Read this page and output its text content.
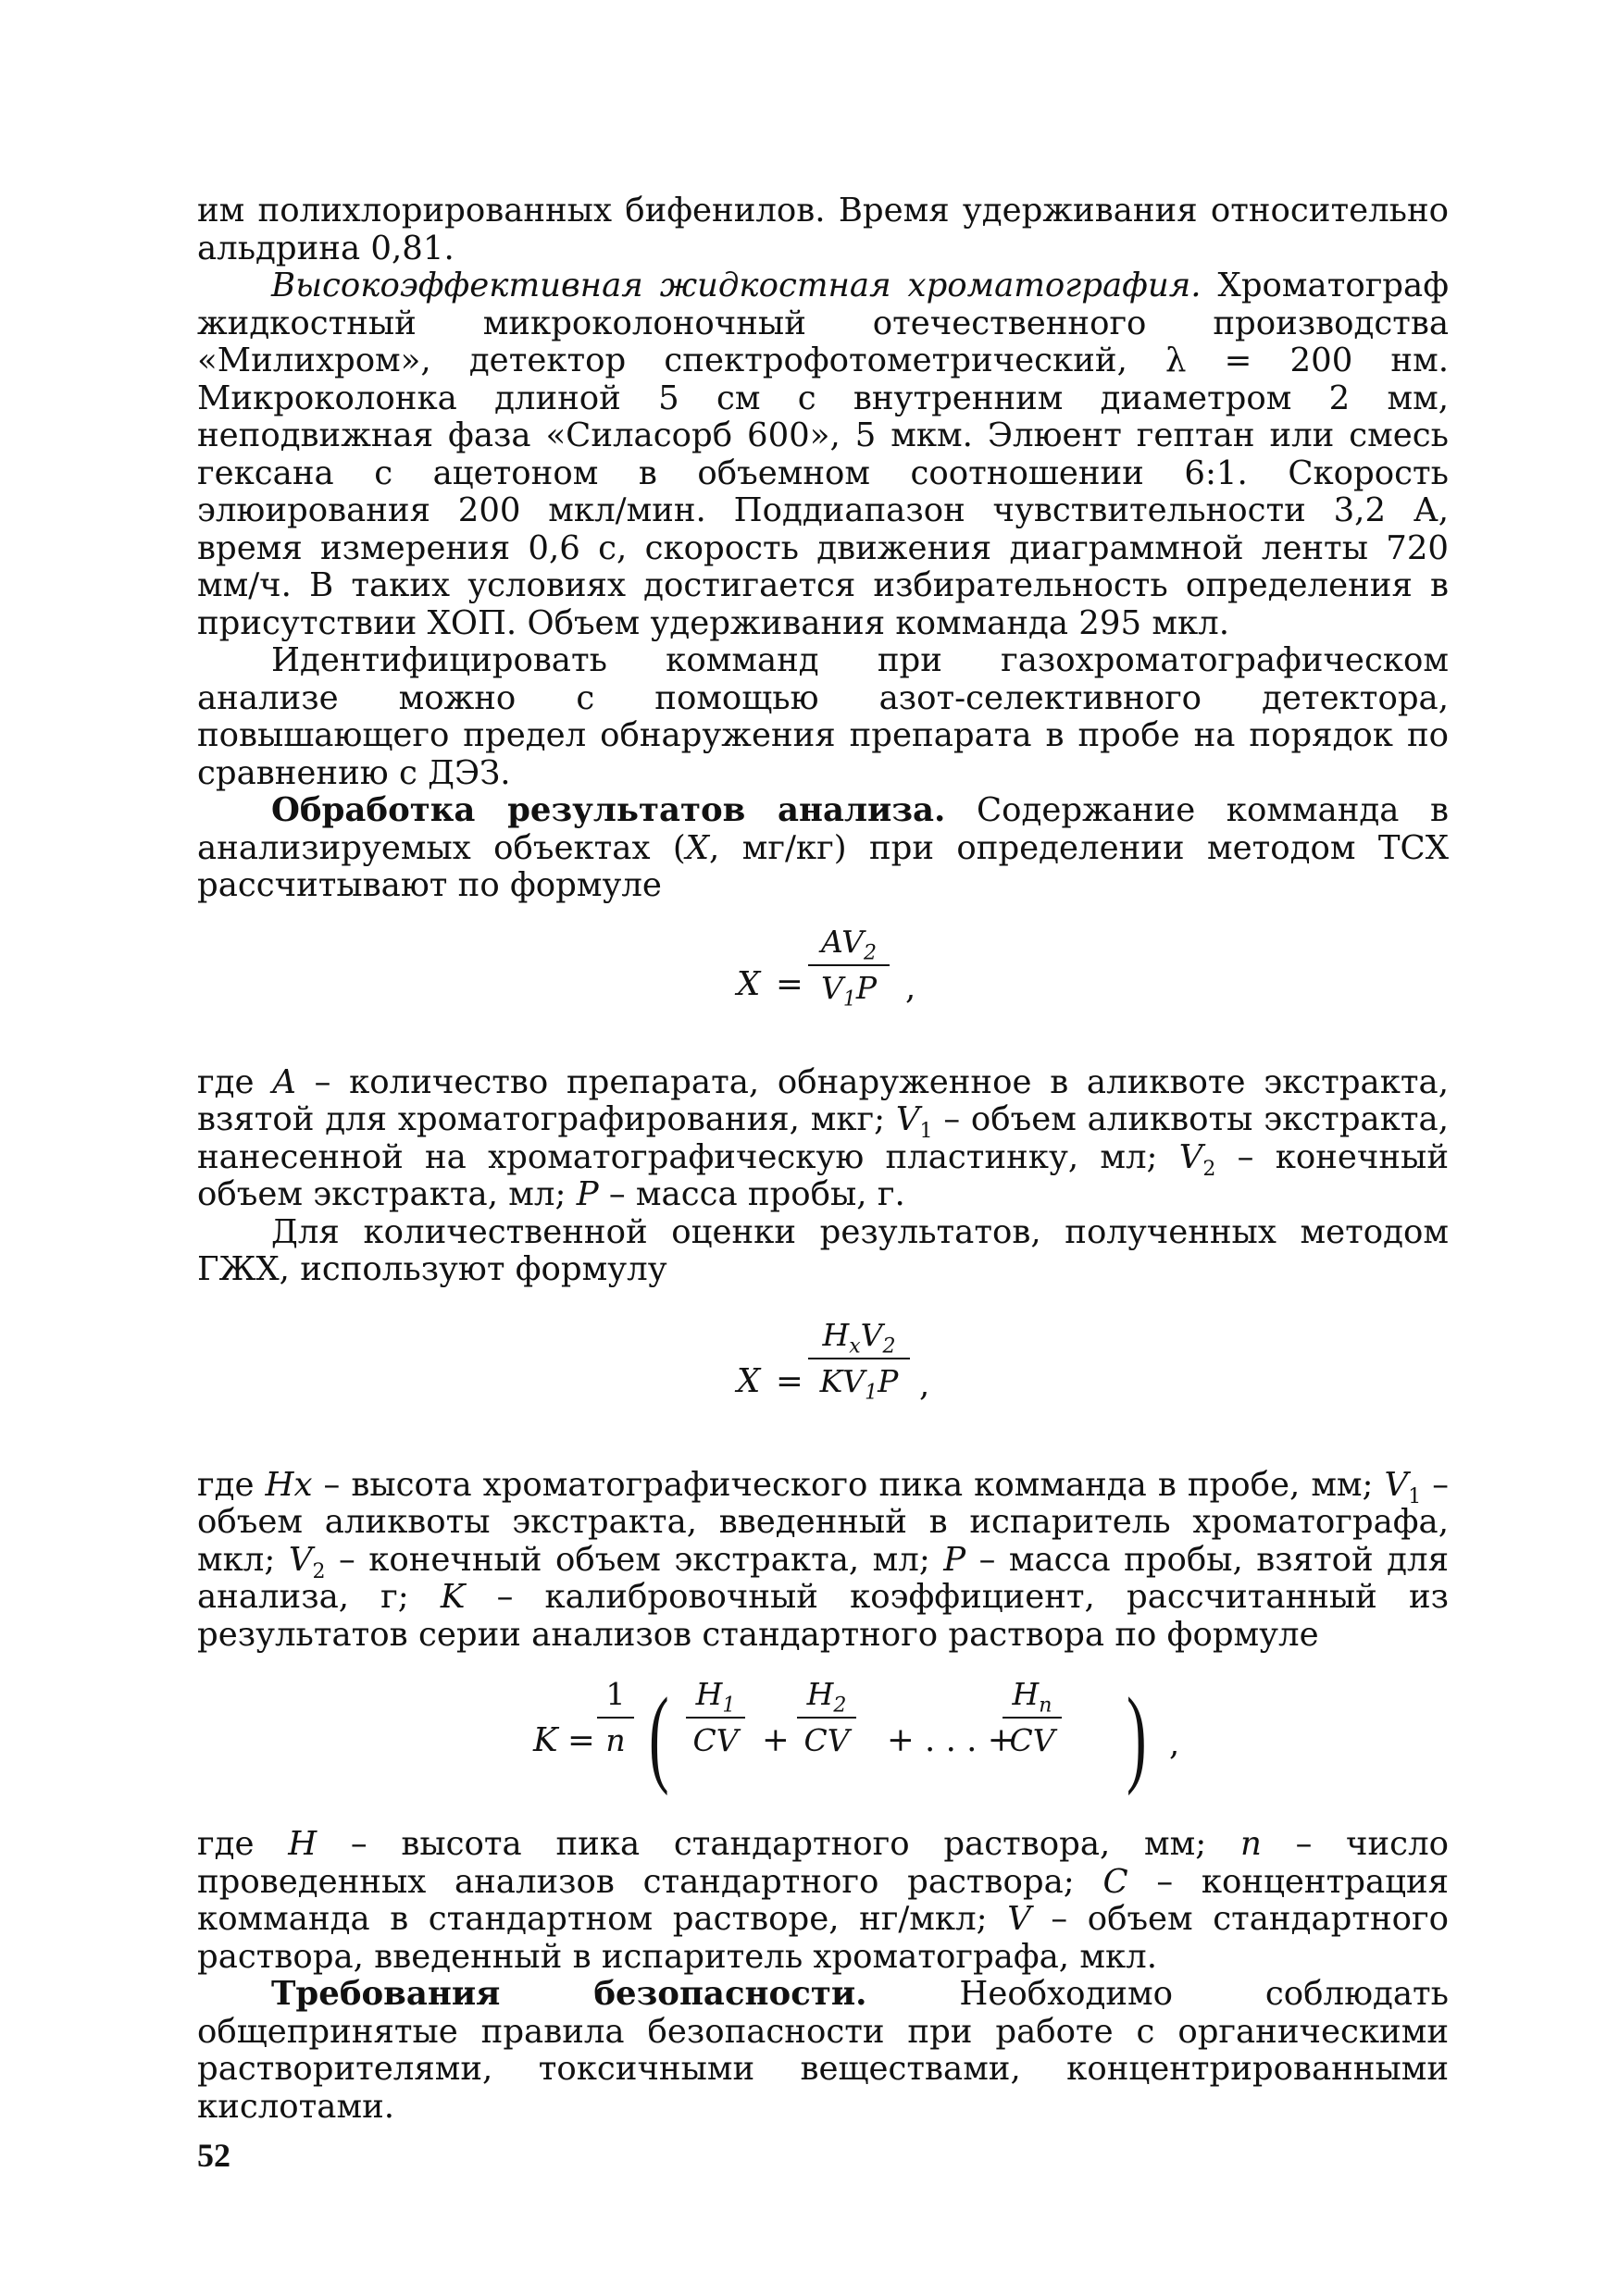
им полихлорированных бифенилов. Время удерживания относительно альдрина 0,81.

Высокоэффективная жидкостная хроматография. Хроматограф жидкостный микроколоночный отечественного производства «Милихром», детектор спектрофотометрический, λ = 200 нм. Микроколонка длиной 5 см с внутренним диаметром 2 мм, неподвижная фаза «Силасорб 600», 5 мкм. Элюент гептан или смесь гексана с ацетоном в объемном соотношении 6:1. Скорость элюирования 200 мкл/мин. Поддиапазон чувствительности 3,2 А, время измерения 0,6 с, скорость движения диаграммной ленты 720 мм/ч. В таких условиях достигается избирательность определения в присутствии ХОП. Объем удерживания комманда 295 мкл.

Идентифицировать комманд при газохроматографическом анализе можно с помощью азот-селективного детектора, повышающего предел обнаружения препарата в пробе на порядок по сравнению с ДЭЗ.

Обработка результатов анализа. Содержание комманда в анализируемых объектах (X, мг/кг) при определении методом ТСХ рассчитывают по формуле

X =
$AV_2$
$V_1P$ ,

где A – количество препарата, обнаруженное в аликвоте экстракта, взятой для хроматографирования, мкг; $V_1$ – объем аликвоты экстракта, нанесенной на хроматографическую пластинку, мл; $V_2$ – конечный объем экстракта, мл; P – масса пробы, г.

Для количественной оценки результатов, полученных методом ГЖХ, используют формулу

X =
$H_xV_2$
$KV_1P$ ,

где Hx – высота хроматографического пика комманда в пробе, мм; $V_1$ – объем аликвоты экстракта, введенный в испаритель хроматографа, мкл; $V_2$ – конечный объем экстракта, мл; P – масса пробы, взятой для анализа, г; K – калибровочный коэффициент, рассчитанный из результатов серии анализов стандартного раствора по формуле

K =
1
n ( $H_1$
CV +
$H_2$
CV + . . . +
$H_n$
CV ) ,

где H – высота пика стандартного раствора, мм; n – число проведенных анализов стандартного раствора; C – концентрация комманда в стандартном растворе, нг/мкл; V – объем стандартного раствора, введенный в испаритель хроматографа, мкл.

Требования безопасности. Необходимо соблюдать общепринятые правила безопасности при работе с органическими растворителями, токсичными веществами, концентрированными кислотами.

52
